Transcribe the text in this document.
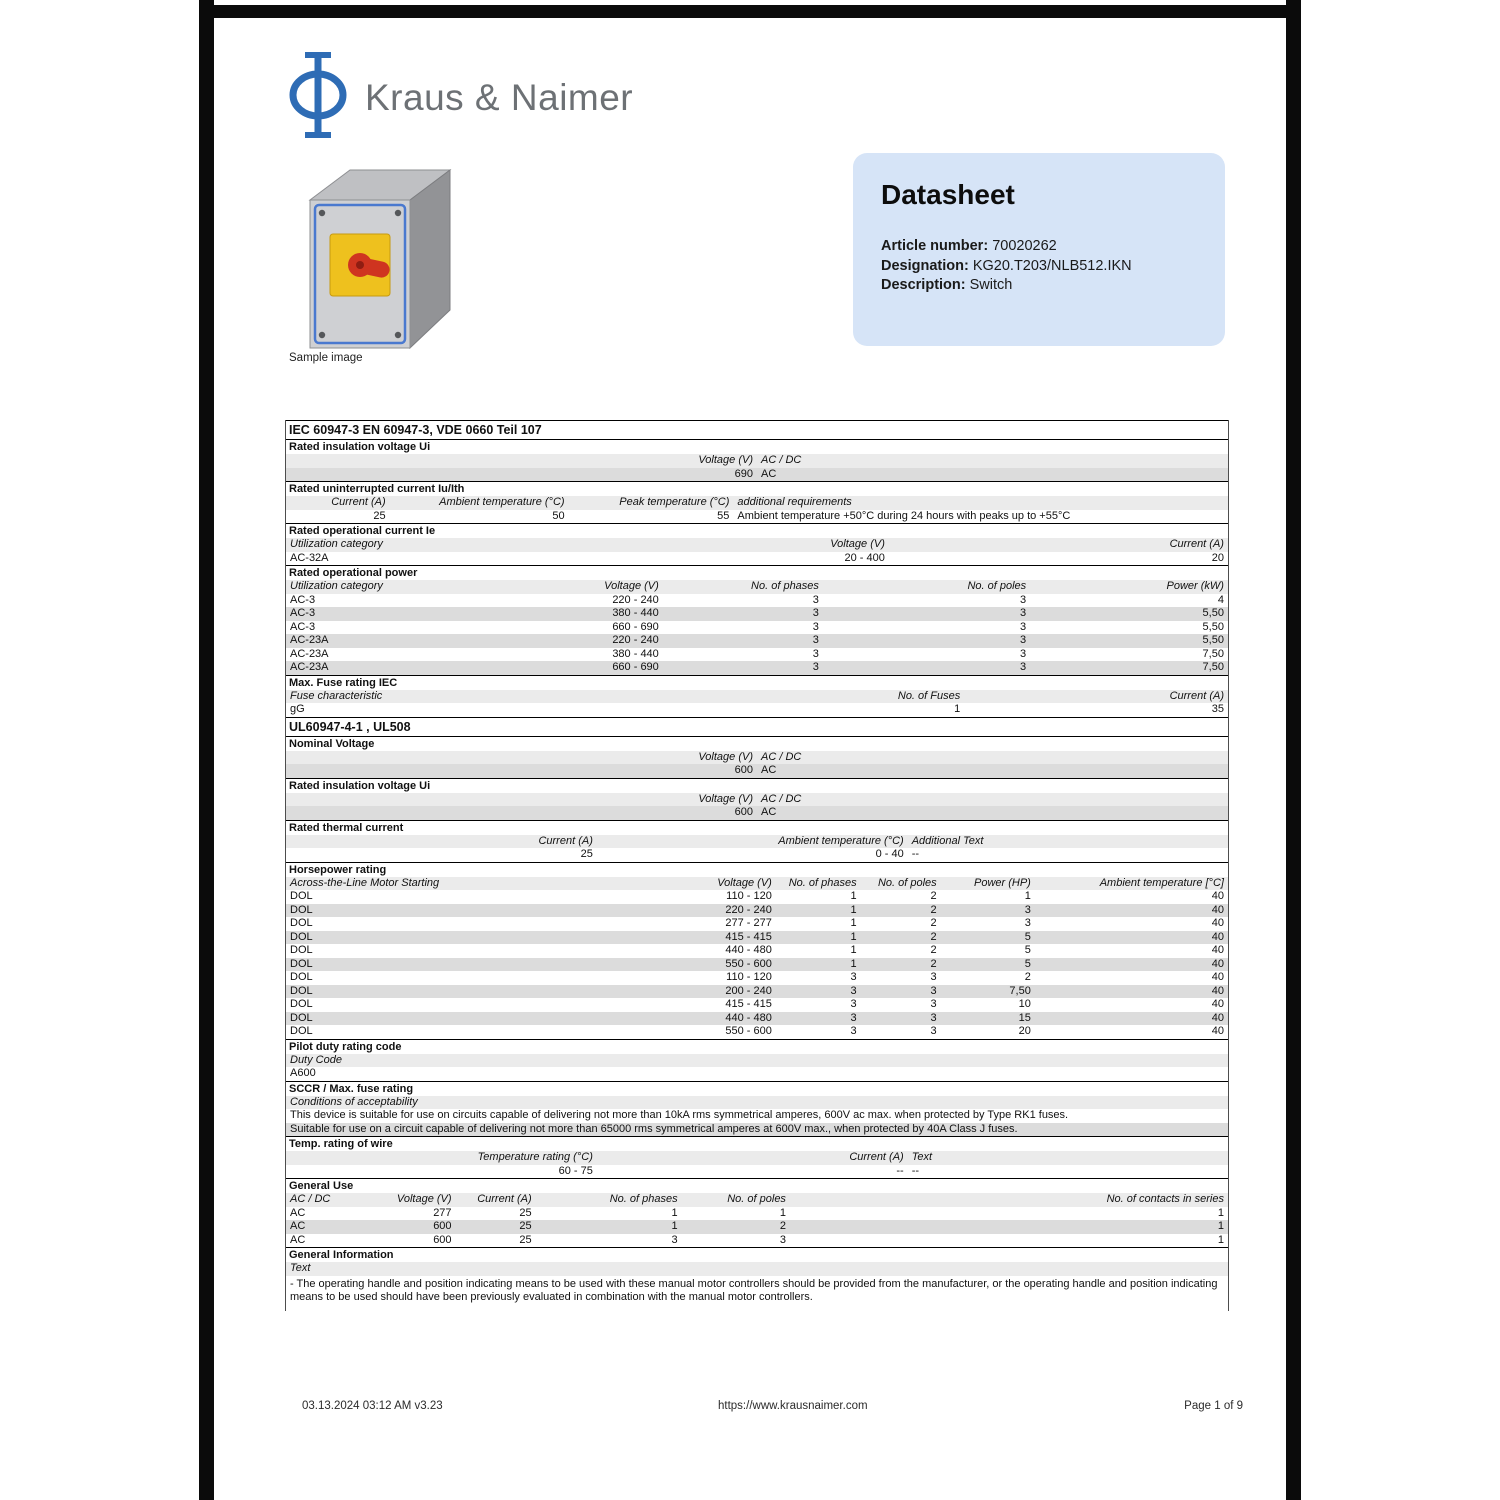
Kraus & Naimer
Sample image
Datasheet
Article number: 70020262
Designation: KG20.T203/NLB512.IKN
Description: Switch
IEC 60947-3 EN 60947-3, VDE 0660 Teil 107
Rated insulation voltage Ui
Voltage (V) AC / DC
690 AC
Rated uninterrupted current Iu/Ith
Current (A)	Ambient temperature (°C)	Peak temperature (°C) additional requirements
25	50	55 Ambient temperature +50°C during 24 hours with peaks up to +55°C
Rated operational current Ie
Utilization category	Voltage (V)	Current (A)
AC-32A	20 - 400	20
Rated operational power
Utilization category	Voltage (V)	No. of phases	No. of poles	Power (kW)
AC-3	220 - 240	3	3	4
AC-3	380 - 440	3	3	5,50
AC-3	660 - 690	3	3	5,50
AC-23A	220 - 240	3	3	5,50
AC-23A	380 - 440	3	3	7,50
AC-23A	660 - 690	3	3	7,50
Max. Fuse rating IEC
Fuse characteristic	No. of Fuses	Current (A)
gG	1	35
UL60947-4-1 , UL508
Nominal Voltage
Voltage (V) AC / DC
600 AC
Rated insulation voltage Ui
Voltage (V) AC / DC
600 AC
Rated thermal current
Current (A)	Ambient temperature (°C) Additional Text
25	0 - 40 --
Horsepower rating
Across-the-Line Motor Starting	Voltage (V)	No. of phases	No. of poles	Power (HP)	Ambient temperature [°C]
DOL	110 - 120	1	2	1	40
DOL	220 - 240	1	2	3	40
DOL	277 - 277	1	2	3	40
DOL	415 - 415	1	2	5	40
DOL	440 - 480	1	2	5	40
DOL	550 - 600	1	2	5	40
DOL	110 - 120	3	3	2	40
DOL	200 - 240	3	3	7,50	40
DOL	415 - 415	3	3	10	40
DOL	440 - 480	3	3	15	40
DOL	550 - 600	3	3	20	40
Pilot duty rating code
Duty Code
A600
SCCR / Max. fuse rating
Conditions of acceptability
This device is suitable for use on circuits capable of delivering not more than 10kA rms symmetrical amperes, 600V ac max. when protected by Type RK1 fuses.
Suitable for use on a circuit capable of delivering not more than 65000 rms symmetrical amperes at 600V max., when protected by 40A Class J fuses.
Temp. rating of wire
Temperature rating (°C)	Current (A) Text
60 - 75	-- --
General Use
AC / DC	Voltage (V)	Current (A)	No. of phases	No. of poles	No. of contacts in series
AC	277	25	1	1	1
AC	600	25	1	2	1
AC	600	25	3	3	1
General Information
Text
- The operating handle and position indicating means to be used with these manual motor controllers should be provided from the manufacturer, or the operating handle and position indicating means to be used should have been previously evaluated in combination with the manual motor controllers.
03.13.2024 03:12 AM v3.23	https://www.krausnaimer.com	Page 1 of 9
